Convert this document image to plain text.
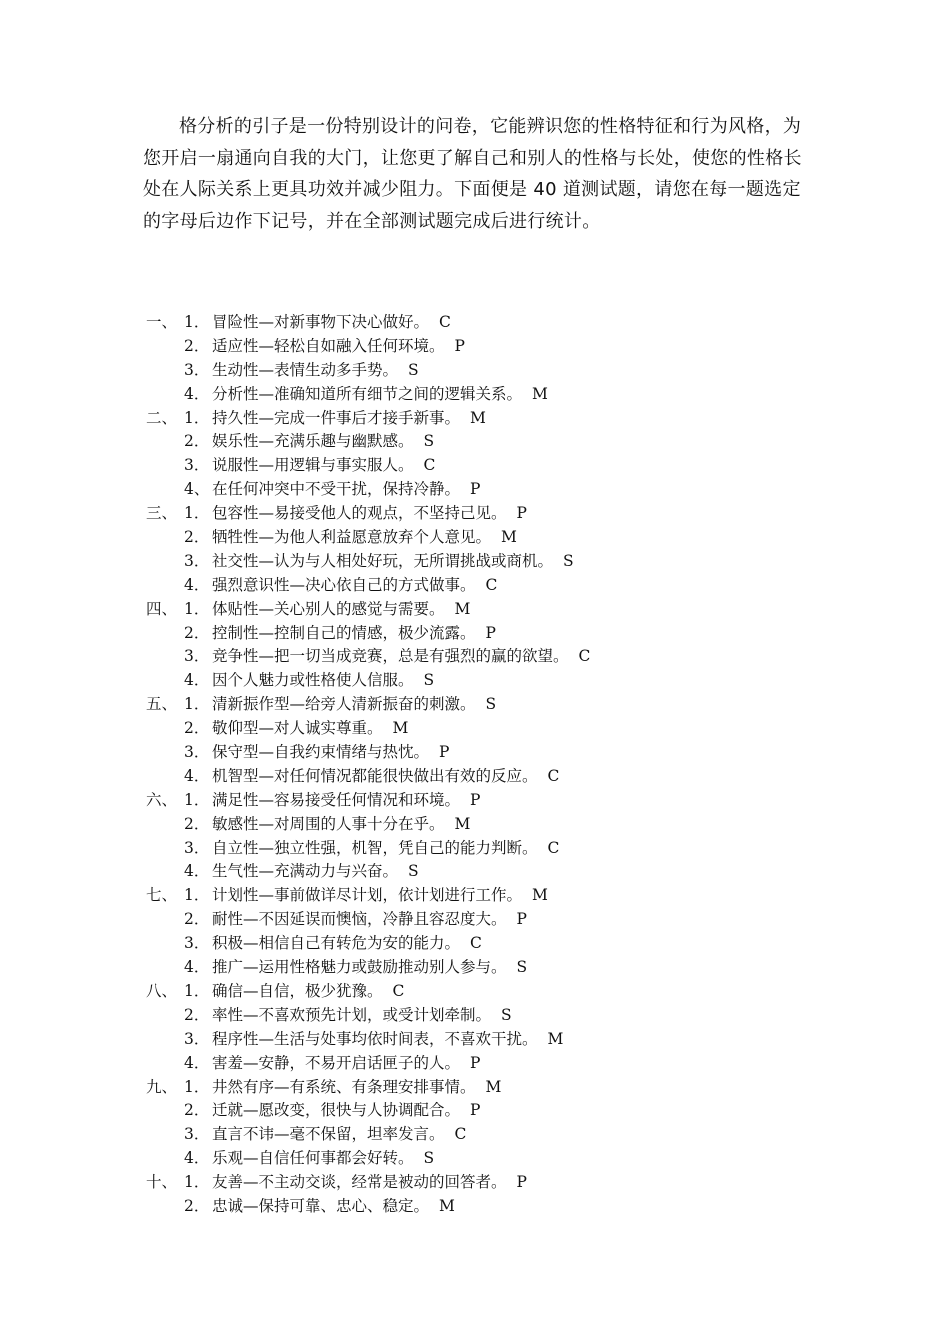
格分析的引子是一份特别设计的问卷，它能辨识您的性格特征和行为风格，为您开启一扇通向自我的大门，让您更了解自己和别人的性格与长处，使您的性格长处在人际关系上更具功效并减少阻力。下面便是 40 道测试题，请您在每一题选定的字母后边作下记号，并在全部测试题完成后进行统计。

一、 1． 冒险性—对新事物下决心做好。 C
2． 适应性—轻松自如融入任何环境。 P
3． 生动性—表情生动多手势。 S
4． 分析性—准确知道所有细节之间的逻辑关系。 M
二、 1． 持久性—完成一件事后才接手新事。 M
2． 娱乐性—充满乐趣与幽默感。 S
3． 说服性—用逻辑与事实服人。 C
4、 在任何冲突中不受干扰，保持冷静。 P
三、 1． 包容性—易接受他人的观点，不坚持己见。 P
2． 牺牲性—为他人利益愿意放弃个人意见。 M
3． 社交性—认为与人相处好玩，无所谓挑战或商机。 S
4． 强烈意识性—决心依自己的方式做事。 C
四、 1． 体贴性—关心别人的感觉与需要。 M
2． 控制性—控制自己的情感，极少流露。 P
3． 竞争性—把一切当成竞赛，总是有强烈的赢的欲望。 C
4． 因个人魅力或性格使人信服。 S
五、 1． 清新振作型—给旁人清新振奋的刺激。 S
2． 敬仰型—对人诚实尊重。 M
3． 保守型—自我约束情绪与热忱。 P
4． 机智型—对任何情况都能很快做出有效的反应。 C
六、 1． 满足性—容易接受任何情况和环境。 P
2． 敏感性—对周围的人事十分在乎。 M
3． 自立性—独立性强，机智，凭自己的能力判断。 C
4． 生气性—充满动力与兴奋。 S
七、 1． 计划性—事前做详尽计划，依计划进行工作。 M
2． 耐性—不因延误而懊恼，冷静且容忍度大。 P
3． 积极—相信自己有转危为安的能力。 C
4． 推广—运用性格魅力或鼓励推动别人参与。 S
八、 1． 确信—自信，极少犹豫。 C
2． 率性—不喜欢预先计划，或受计划牵制。 S
3． 程序性—生活与处事均依时间表，不喜欢干扰。 M
4． 害羞—安静，不易开启话匣子的人。 P
九、 1． 井然有序—有系统、有条理安排事情。 M
2． 迁就—愿改变，很快与人协调配合。 P
3． 直言不讳—毫不保留，坦率发言。 C
4． 乐观—自信任何事都会好转。 S
十、 1． 友善—不主动交谈，经常是被动的回答者。 P
2． 忠诚—保持可靠、忠心、稳定。 M
